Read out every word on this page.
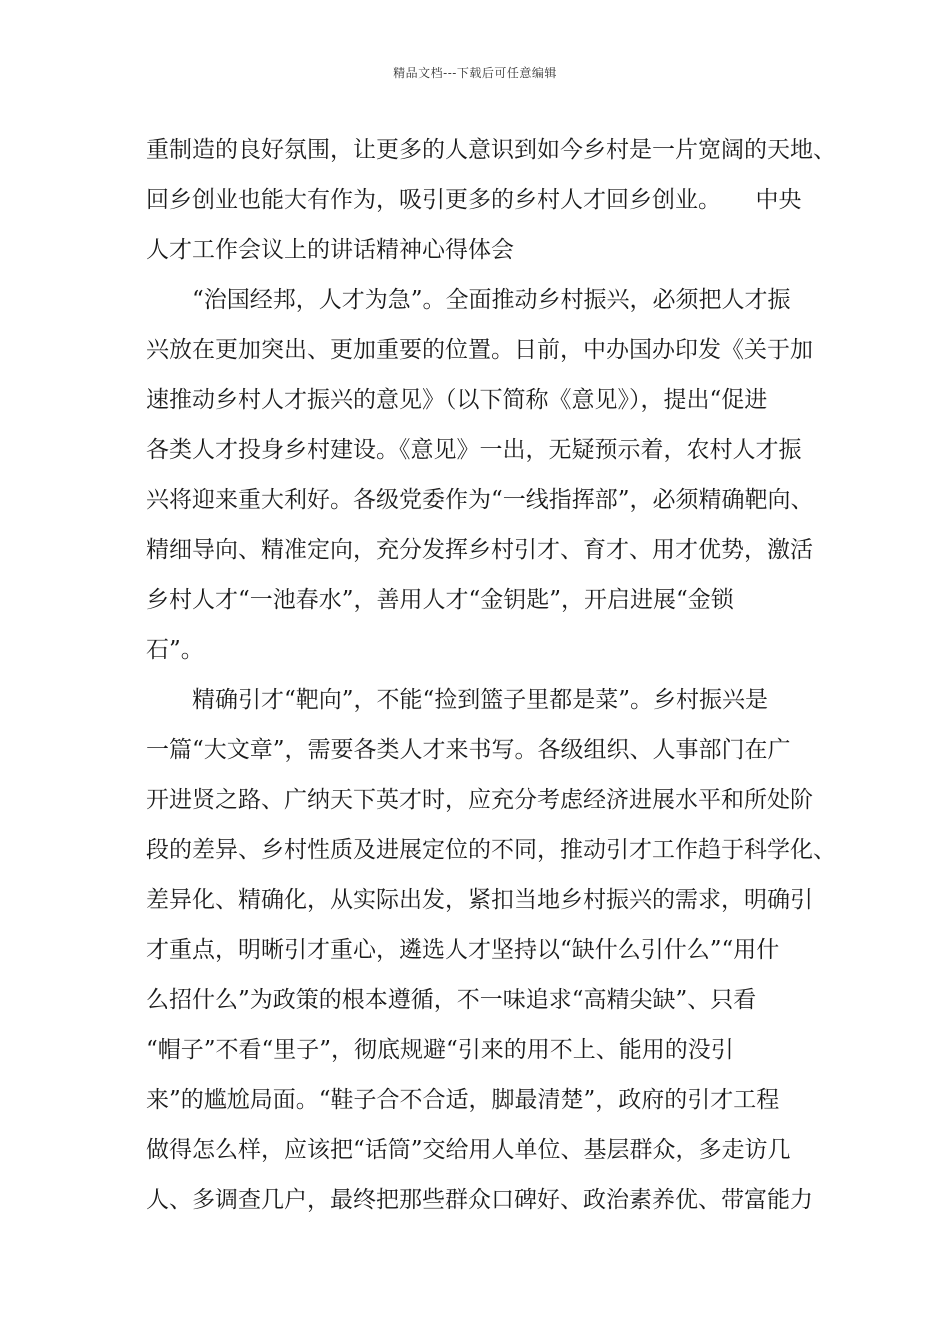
精品文档---下载后可任意编辑
重制造的良好氛围，让更多的人意识到如今乡村是一片宽阔的天地、
回乡创业也能大有作为，吸引更多的乡村人才回乡创业。　　中央
人才工作会议上的讲话精神心得体会
“治国经邦，人才为急”。全面推动乡村振兴，必须把人才振
兴放在更加突出、更加重要的位置。日前，中办国办印发《关于加
速推动乡村人才振兴的意见》（以下简称《意见》），提出“促进
各类人才投身乡村建设。《意见》一出，无疑预示着，农村人才振
兴将迎来重大利好。各级党委作为“一线指挥部”，必须精确靶向、
精细导向、精准定向，充分发挥乡村引才、育才、用才优势，激活
乡村人才“一池春水”，善用人才“金钥匙”，开启进展“金锁
石”。
精确引才“靶向”，不能“捡到篮子里都是菜”。乡村振兴是
一篇“大文章”，需要各类人才来书写。各级组织、人事部门在广
开进贤之路、广纳天下英才时，应充分考虑经济进展水平和所处阶
段的差异、乡村性质及进展定位的不同，推动引才工作趋于科学化、
差异化、精确化，从实际出发，紧扣当地乡村振兴的需求，明确引
才重点，明晰引才重心，遴选人才坚持以“缺什么引什么”“用什
么招什么”为政策的根本遵循，不一味追求“高精尖缺”、只看
“帽子”不看“里子”，彻底规避“引来的用不上、能用的没引
来”的尴尬局面。“鞋子合不合适，脚最清楚”，政府的引才工程
做得怎么样，应该把“话筒”交给用人单位、基层群众，多走访几
人、多调查几户，最终把那些群众口碑好、政治素养优、带富能力
